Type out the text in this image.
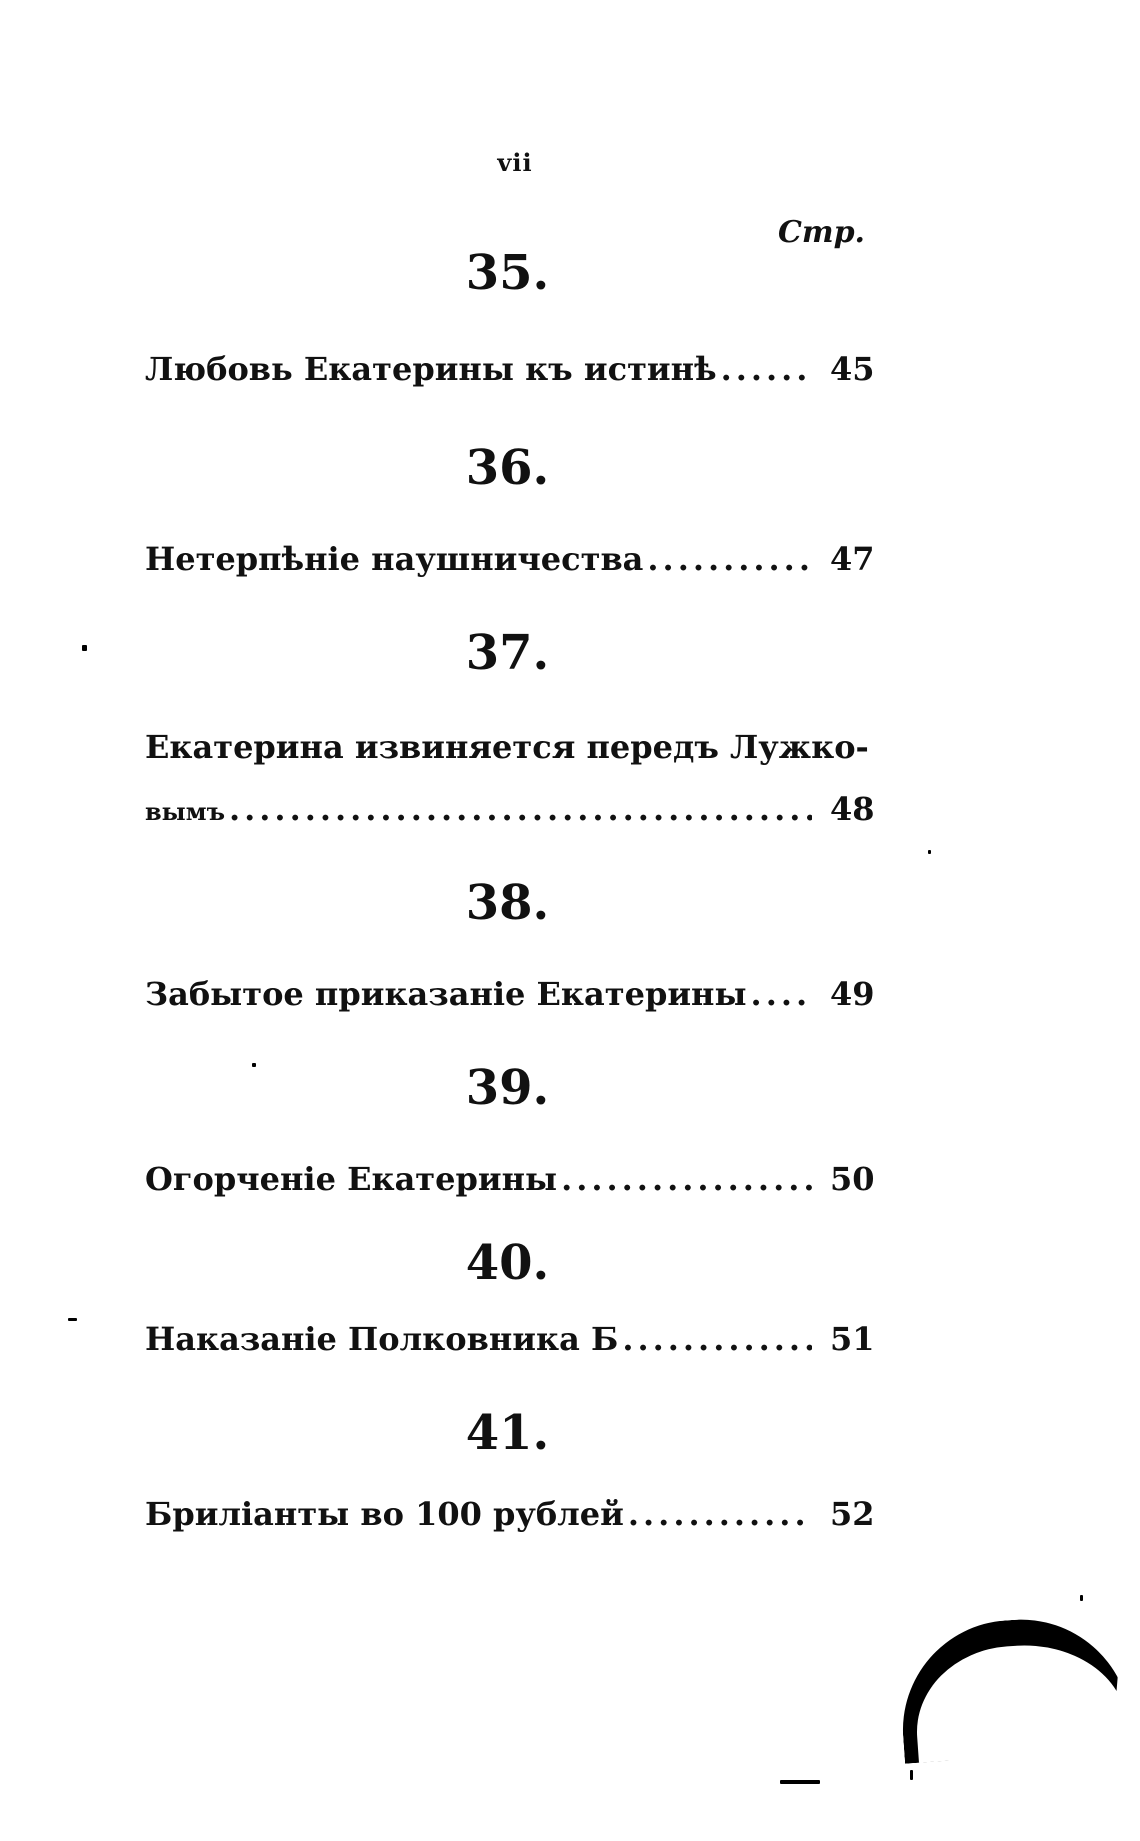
vii
Стр.
35.
Любовь Екатерины къ истинѣ .....	45
36.
Нетерпѣніе наушничества .....	47
37.
Екатерина извиняется передъ Лужко-
вымъ .....	48
38.
Забытое приказаніе Екатерины .....	49
39.
Огорченіе Екатерины .....	50
40.
Наказаніе Полковника Б .....	51
41.
Бриліанты во 100 рублей .....	52
